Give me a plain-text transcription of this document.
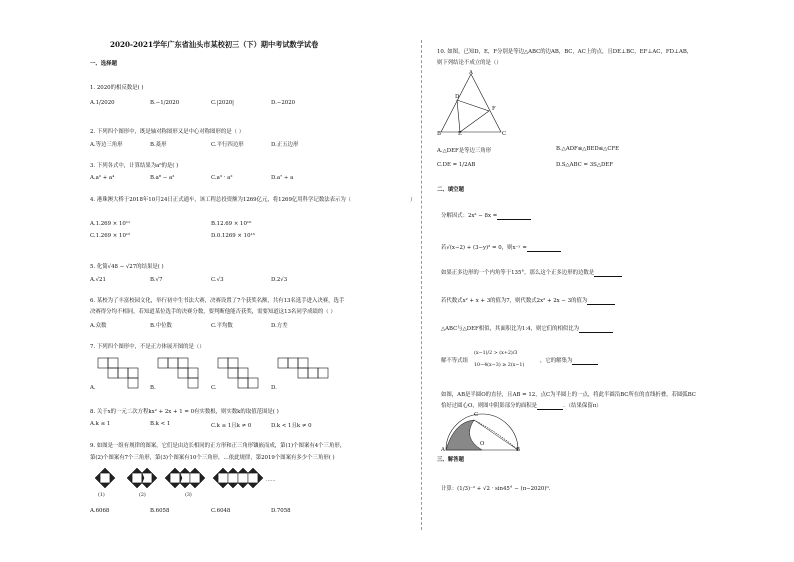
2020-2021学年广东省汕头市某校初三（下）期中考试数学试卷
一、选择题
1. 2020的相反数是( )
A.1/2020	B.−1/2020	C.|2020|	D.−2020
2. 下列四个图形中，既是轴对称图形又是中心对称图形的是（ ）
A.等边三角形	B.菱形	C.平行四边形	D.正五边形
3. 下列各式中，计算结果为a⁶的是( )
A.a² + a⁴	B.a⁸ − a²	C.a³ · a²	D.a⁷ ÷ a
4. 港珠澳大桥于2018年10月24日正式通车，该工程总投资额为1269亿元，将1269亿用科学记数法表示为（	）
A.1.269 × 10¹¹	B.12.69 × 10¹⁰
C.1.269 × 10¹²	D.0.1269 × 10¹³
5. 化简√48 − √27的结果是( )
A.√21	B.√7	C.√3	D.2√3
6. 某校为了丰富校园文化，举行初中生书法大赛，决赛设置了7个获奖名额，共有13名选手进入决赛，选手
决赛得分均不相同，若知道某位选手的决赛分数，要判断他能否获奖，需要知道这13名同学成绩的（ ）
A.众数	B.中位数	C.平均数	D.方差
7. 下列四个图形中，不是正方体展开图的是（）
A.	B.	C.	D.
8. 关于x的一元二次方程kx² + 2x + 1 = 0有实数根，则实数k的取值范围是( )
A.k ≤ 1	B.k < 1	C.k ≤ 1且k ≠ 0	D.k < 1且k ≠ 0
9. 如图是一组有规律的图案，它们是由边长相同的正方形和正三角形镶嵌而成，第(1)个图案有4个三角形，
第(2)个图案有7个三角形，第(3)个图案有10个三角形，…依此规律，第2019个图案有多少个三角形( )
(1)	(2)	(3)
……
A.6068	B.6058	C.6048	D.7058
10. 如图，已知D，E，F分别是等边△ABC的边AB，BC，AC上的点，且DE⊥BC，EF⊥AC，FD⊥AB，
则下列结论不成立的是（）
A
D
F
B	E	C
A.△DEF是等边三角形	B.△ADF≌△BED≌△CFE
C.DE = 1/2AB	D.S△ABC = 3S△DEF
二、填空题
分解因式：2x² − 8x =
若√(x−2) + (3−y)² = 0，则x⁻ʸ =
如果正多边形的一个内角等于135°，那么这个正多边形的边数是
若代数式x² + x + 3的值为7，则代数式2x² + 2x − 3的值为
△ABC与△DEF相似，其面积比为1:4，则它们的相似比为
解不等式组
(x−1)/2 > (x+2)/3
10−4(x−3) ≥ 2(x−1)
，它的解集为
如图，AB是半圆O的直径，且AB = 12，点C为半圆上的一点，将此半圆沿BC所在的直线折叠，若圆弧BC
恰好过圆心O，则图中阴影部分的面积是	．（结果保留π）
C
O
A	B
三、解答题
计算：(1/3)⁻² + √2 · sin45° − (π−2020)⁰.
